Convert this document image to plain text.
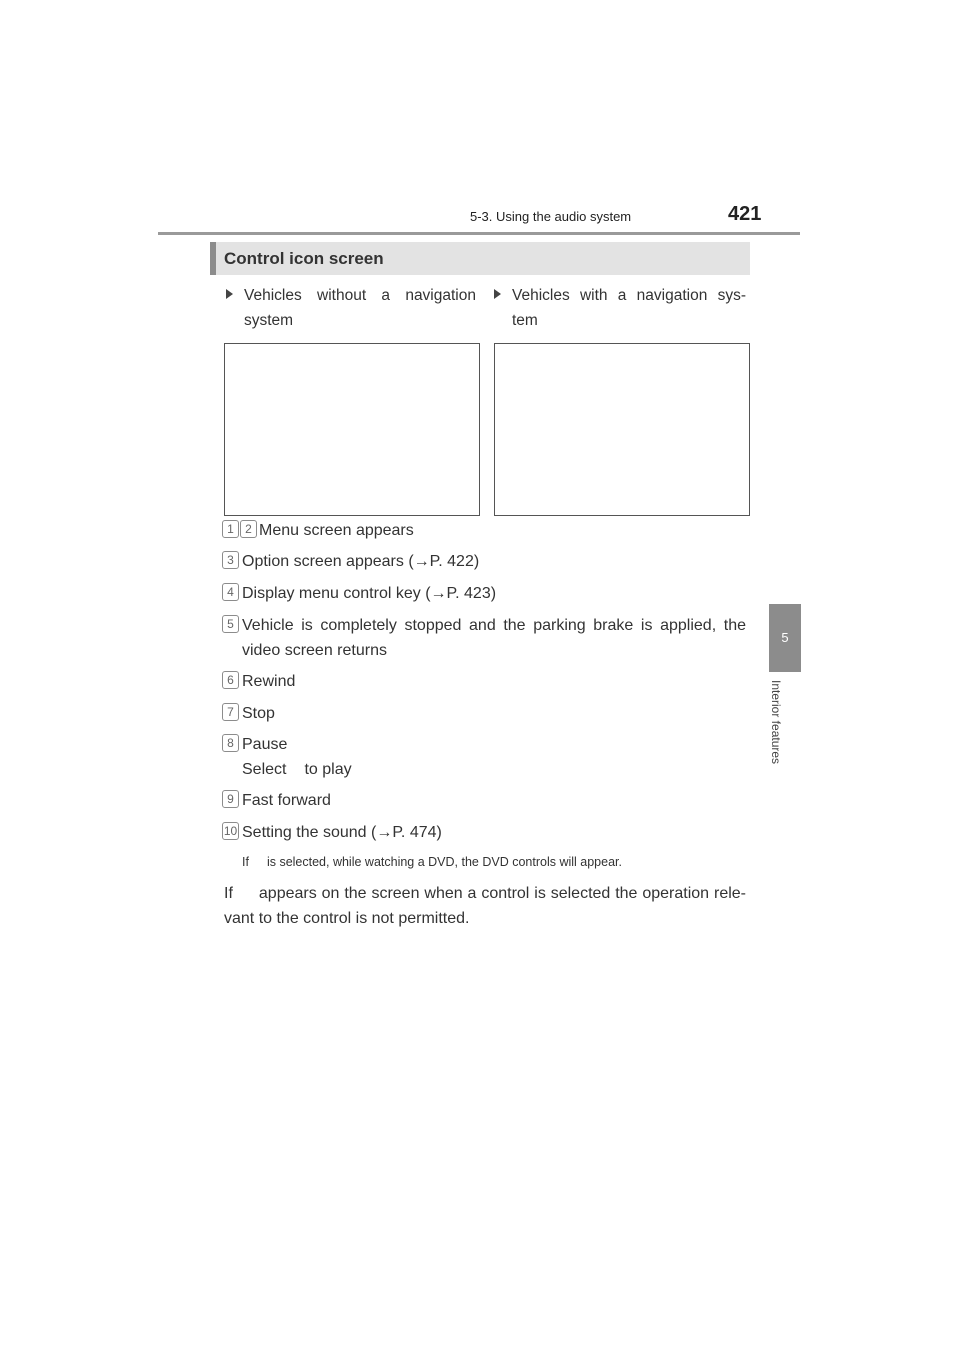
5-3. Using the audio system	421
5
Interior features
Control icon screen
Vehicles without a navigation system
Vehicles with a navigation sys-tem
1 2 Menu screen appears
3 Option screen appears (→P. 422)
4 Display menu control key (→P. 423)
5 Vehicle is completely stopped and the parking brake is applied, the
video screen returns
6 Rewind
7 Stop
8 Pause
Select to play
9 Fast forward
10 Setting the sound (→P. 474)
If is selected, while watching a DVD, the DVD controls will appear.
If appears on the screen when a control is selected the operation rele-vant to the control is not permitted.
